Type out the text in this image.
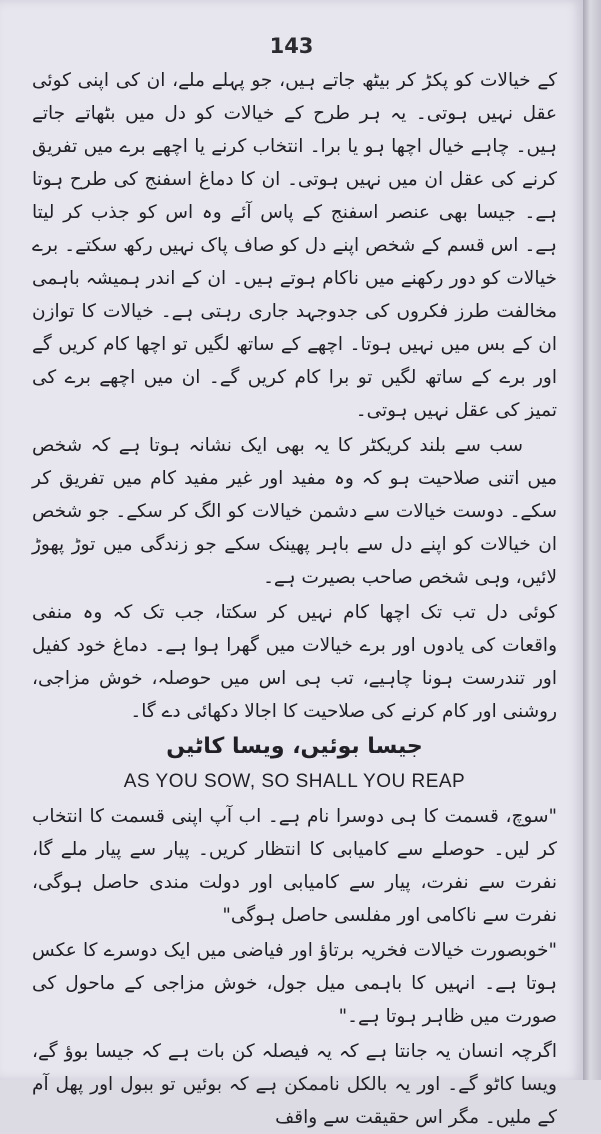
143

کے خیالات کو پکڑ کر بیٹھ جاتے ہیں، جو پہلے ملے، ان کی اپنی کوئی عقل نہیں ہوتی۔ یہ ہر طرح کے خیالات کو دل میں بٹھاتے جاتے ہیں۔ چاہے خیال اچھا ہو یا برا۔ انتخاب کرنے یا اچھے برے میں تفریق کرنے کی عقل ان میں نہیں ہوتی۔ ان کا دماغ اسفنج کی طرح ہوتا ہے۔ جیسا بھی عنصر اسفنج کے پاس آئے وہ اس کو جذب کر لیتا ہے۔ اس قسم کے شخص اپنے دل کو صاف پاک نہیں رکھ سکتے۔ برے خیالات کو دور رکھنے میں ناکام ہوتے ہیں۔ ان کے اندر ہمیشہ باہمی مخالفت طرز فکروں کی جدوجہد جاری رہتی ہے۔ خیالات کا توازن ان کے بس میں نہیں ہوتا۔ اچھے کے ساتھ لگیں تو اچھا کام کریں گے اور برے کے ساتھ لگیں تو برا کام کریں گے۔ ان میں اچھے برے کی تمیز کی عقل نہیں ہوتی۔

سب سے بلند کریکٹر کا یہ بھی ایک نشانہ ہوتا ہے کہ شخص میں اتنی صلاحیت ہو کہ وہ مفید اور غیر مفید کام میں تفریق کر سکے۔ دوست خیالات سے دشمن خیالات کو الگ کر سکے۔ جو شخص ان خیالات کو اپنے دل سے باہر پھینک سکے جو زندگی میں توڑ پھوڑ لائیں، وہی شخص صاحب بصیرت ہے۔

کوئی دل تب تک اچھا کام نہیں کر سکتا، جب تک کہ وہ منفی واقعات کی یادوں اور برے خیالات میں گھرا ہوا ہے۔ دماغ خود کفیل اور تندرست ہونا چاہیے، تب ہی اس میں حوصلہ، خوش مزاجی، روشنی اور کام کرنے کی صلاحیت کا اجالا دکھائی دے گا۔

جیسا بوئیں، ویسا کاٹیں

AS YOU SOW, SO SHALL YOU REAP

"سوچ، قسمت کا ہی دوسرا نام ہے۔ اب آپ اپنی قسمت کا انتخاب کر لیں۔ حوصلے سے کامیابی کا انتظار کریں۔ پیار سے پیار ملے گا، نفرت سے نفرت، پیار سے کامیابی اور دولت مندی حاصل ہوگی، نفرت سے ناکامی اور مفلسی حاصل ہوگی"

"خوبصورت خیالات فخریہ برتاؤ اور فیاضی میں ایک دوسرے کا عکس ہوتا ہے۔ انہیں کا باہمی میل جول، خوش مزاجی کے ماحول کی صورت میں ظاہر ہوتا ہے۔"

اگرچہ انسان یہ جانتا ہے کہ یہ فیصلہ کن بات ہے کہ جیسا بوؤ گے، ویسا کاٹو گے۔ اور یہ بالکل ناممکن ہے کہ بوئیں تو ببول اور پھل آم کے ملیں۔ مگر اس حقیقت سے واقف
